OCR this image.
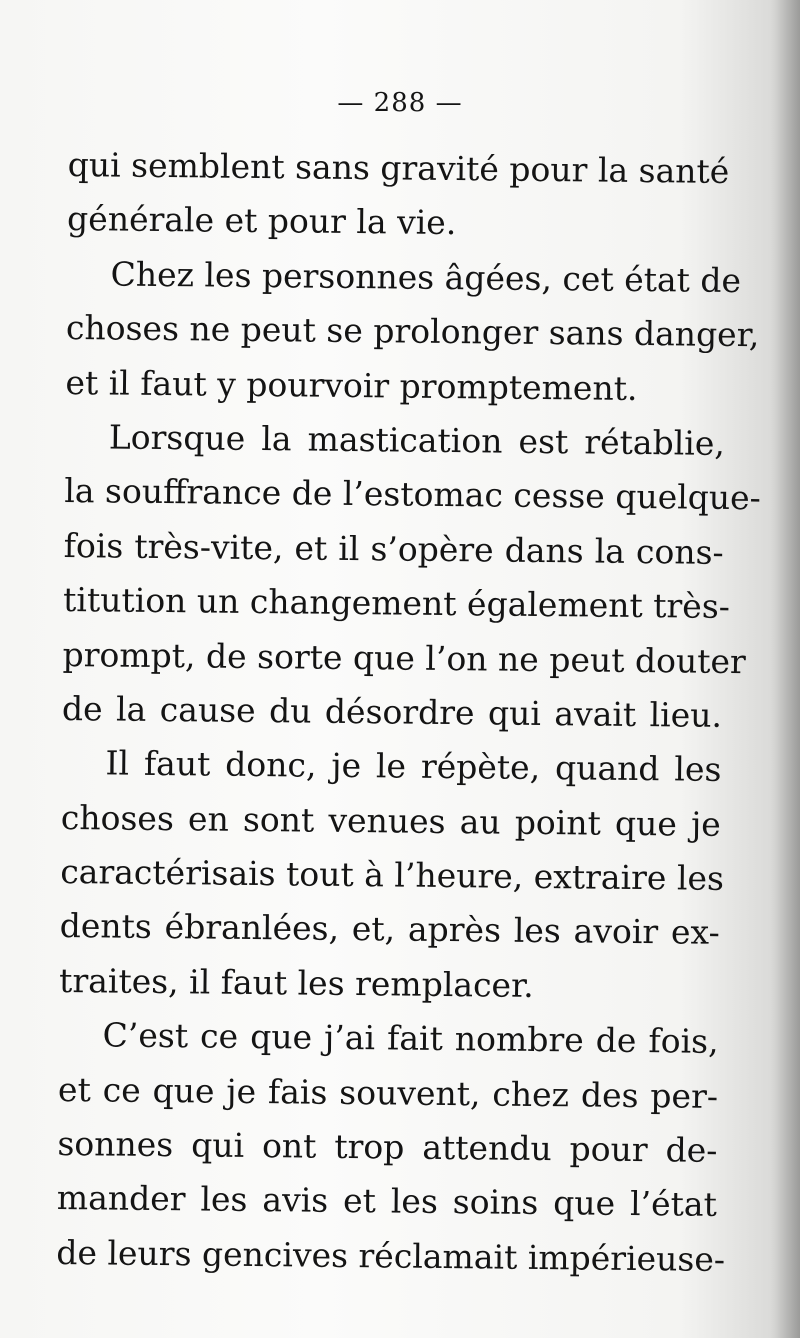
— 288 —
qui semblent sans gravité pour la santé
générale et pour la vie.
Chez les personnes âgées, cet état de
choses ne peut se prolonger sans danger,
et il faut y pourvoir promptement.
Lorsque la mastication est rétablie,
la souffrance de l’estomac cesse quelque-
fois très-vite, et il s’opère dans la cons-
titution un changement également très-
prompt, de sorte que l’on ne peut douter
de la cause du désordre qui avait lieu.
Il faut donc, je le répète, quand les
choses en sont venues au point que je
caractérisais tout à l’heure, extraire les
dents ébranlées, et, après les avoir ex-
traites, il faut les remplacer.
C’est ce que j’ai fait nombre de fois,
et ce que je fais souvent, chez des per-
sonnes qui ont trop attendu pour de-
mander les avis et les soins que l’état
de leurs gencives réclamait impérieuse-
